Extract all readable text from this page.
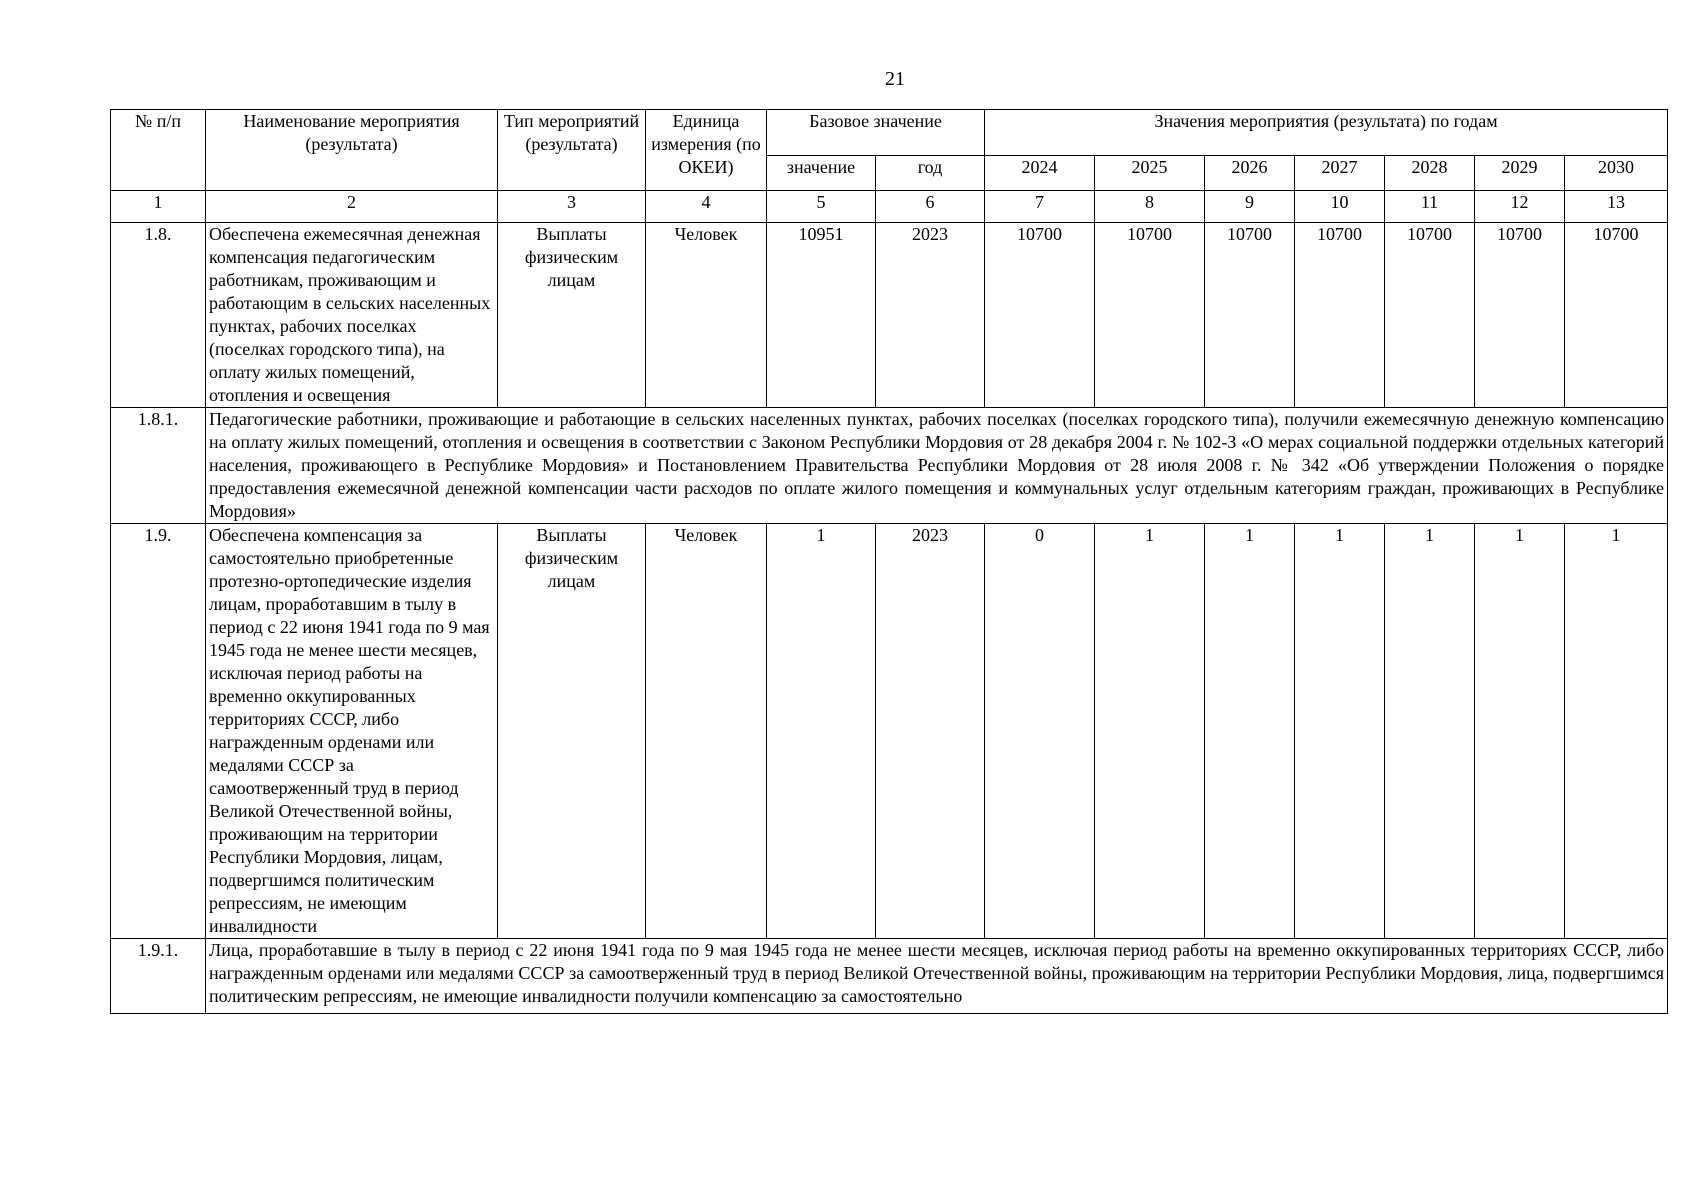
21
№ п/п	Наименование мероприятия (результата)	Тип мероприятий (результата)	Единица измерения (по ОКЕИ)	Базовое значение		Значения мероприятия (результата) по годам						
				значение	год	2024	2025	2026	2027	2028	2029	2030
1	2	3	4	5	6	7	8	9	10	11	12	13
1.8.	Обеспечена ежемесячная денежная компенсация педагогическим работникам, проживающим и работающим в сельских населенных пунктах, рабочих поселках (поселках городского типа), на оплату жилых помещений, отопления и освещения	Выплаты физическим лицам	Человек	10951	2023	10700	10700	10700	10700	10700	10700	10700
1.8.1.	Педагогические работники, проживающие и работающие в сельских населенных пунктах, рабочих поселках (поселках городского типа), получили ежемесячную денежную компенсацию на оплату жилых помещений, отопления и освещения в соответствии с Законом Республики Мордовия от 28 декабря 2004 г. № 102-З «О мерах социальной поддержки отдельных категорий населения, проживающего в Республике Мордовия» и Постановлением Правительства Республики Мордовия от 28 июля 2008 г. № 342 «Об утверждении Положения о порядке предоставления ежемесячной денежной компенсации части расходов по оплате жилого помещения и коммунальных услуг отдельным категориям граждан, проживающих в Республике Мордовия»											
1.9.	Обеспечена компенсация за самостоятельно приобретенные протезно-ортопедические изделия лицам, проработавшим в тылу в период с 22 июня 1941 года по 9 мая 1945 года не менее шести месяцев, исключая период работы на временно оккупированных территориях СССР, либо награжденным орденами или медалями СССР за самоотверженный труд в период Великой Отечественной войны, проживающим на территории Республики Мордовия, лицам, подвергшимся политическим репрессиям, не имеющим инвалидности	Выплаты физическим лицам	Человек	1	2023	0	1	1	1	1	1	1
1.9.1.	Лица, проработавшие в тылу в период с 22 июня 1941 года по 9 мая 1945 года не менее шести месяцев, исключая период работы на временно оккупированных территориях СССР, либо награжденным орденами или медалями СССР за самоотверженный труд в период Великой Отечественной войны, проживающим на территории Республики Мордовия, лица, подвергшимся политическим репрессиям, не имеющие инвалидности получили компенсацию за самостоятельно											
